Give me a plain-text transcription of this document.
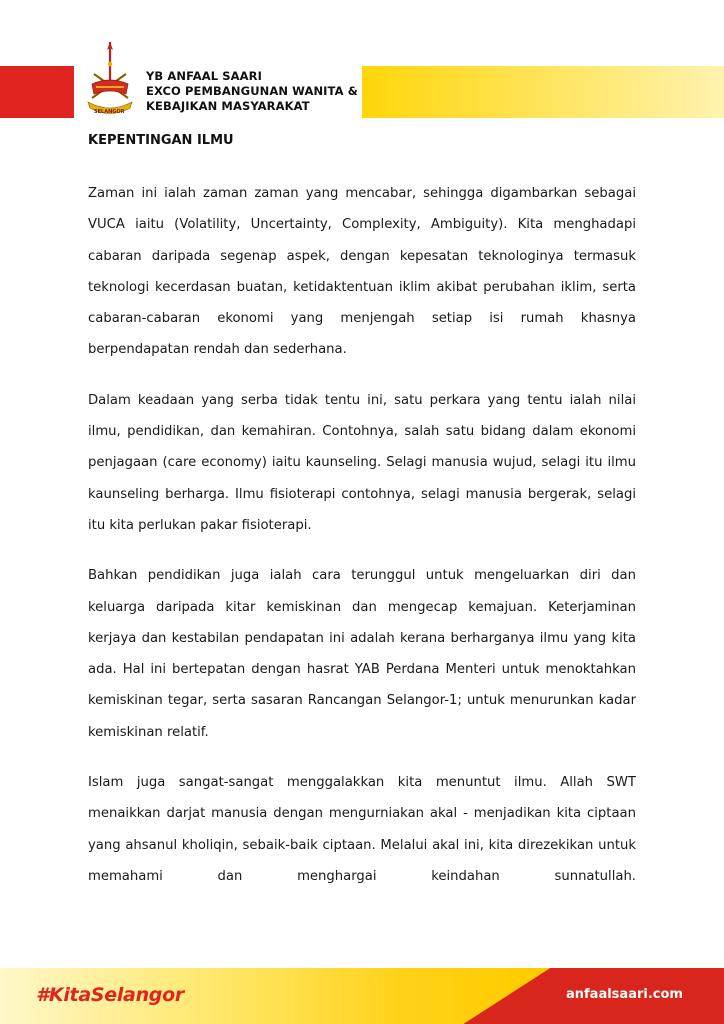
SELANGOR
YB ANFAAL SAARI
EXCO PEMBANGUNAN WANITA &
KEBAJIKAN MASYARAKAT
KEPENTINGAN ILMU

Zaman ini ialah zaman zaman yang mencabar, sehingga digambarkan sebagai VUCA iaitu (Volatility, Uncertainty, Complexity, Ambiguity). Kita menghadapi cabaran daripada segenap aspek, dengan kepesatan teknologinya termasuk teknologi kecerdasan buatan, ketidaktentuan iklim akibat perubahan iklim, serta cabaran-cabaran ekonomi yang menjengah setiap isi rumah khasnya berpendapatan rendah dan sederhana.

Dalam keadaan yang serba tidak tentu ini, satu perkara yang tentu ialah nilai ilmu, pendidikan, dan kemahiran. Contohnya, salah satu bidang dalam ekonomi penjagaan (care economy) iaitu kaunseling. Selagi manusia wujud, selagi itu ilmu kaunseling berharga. Ilmu fisioterapi contohnya, selagi manusia bergerak, selagi itu kita perlukan pakar fisioterapi.

Bahkan pendidikan juga ialah cara terunggul untuk mengeluarkan diri dan keluarga daripada kitar kemiskinan dan mengecap kemajuan. Keterjaminan kerjaya dan kestabilan pendapatan ini adalah kerana berharganya ilmu yang kita ada. Hal ini bertepatan dengan hasrat YAB Perdana Menteri untuk menoktahkan kemiskinan tegar, serta sasaran Rancangan Selangor-1; untuk menurunkan kadar kemiskinan relatif.

Islam juga sangat-sangat menggalakkan kita menuntut ilmu. Allah SWT menaikkan darjat manusia dengan mengurniakan akal - menjadikan kita ciptaan yang ahsanul kholiqin, sebaik-baik ciptaan. Melalui akal ini, kita direzekikan untuk memahami dan menghargai keindahan sunnatullah.

#KitaSelangor	anfaalsaari.com
